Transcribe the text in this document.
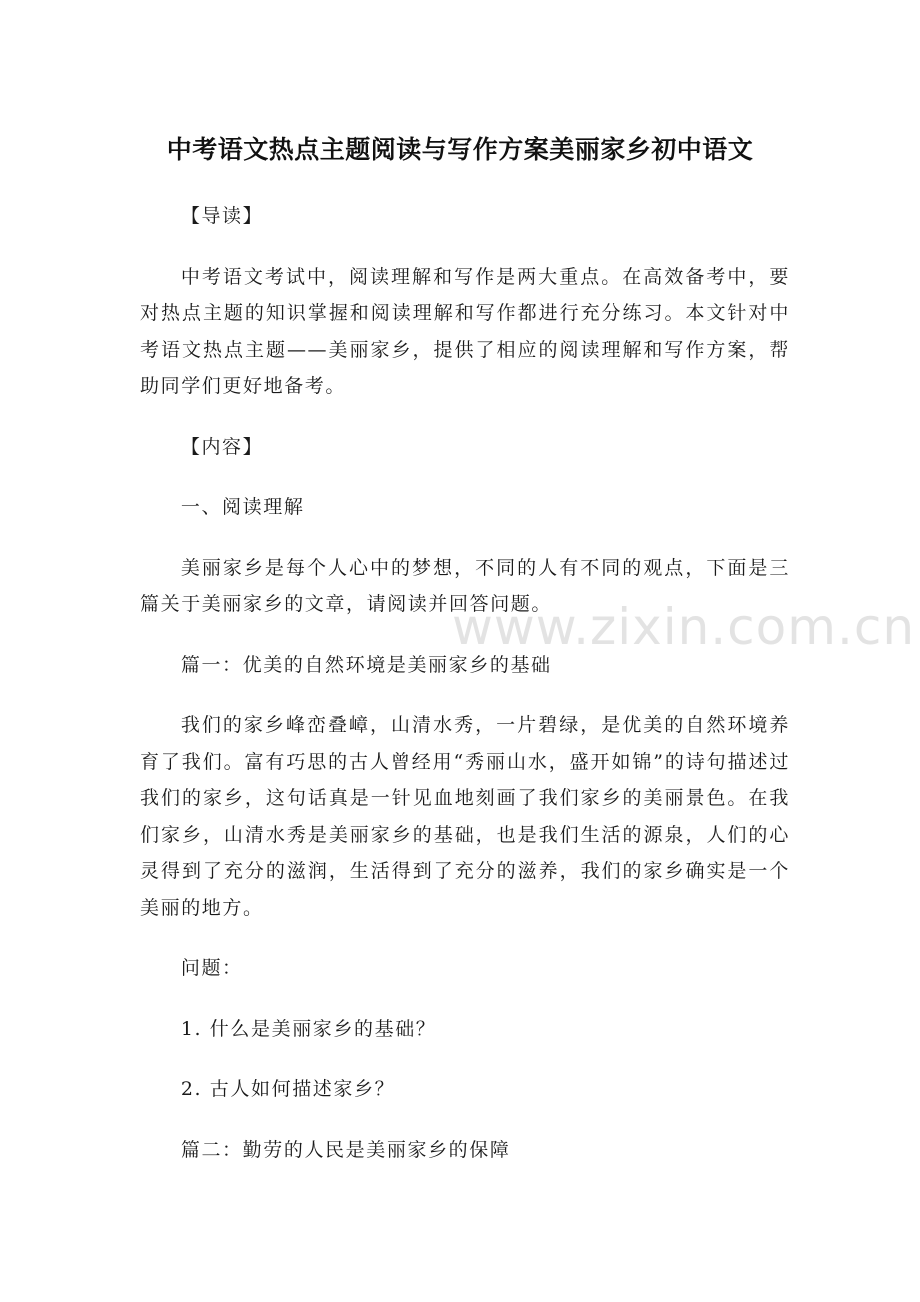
www.zixin.com.cn
中考语文热点主题阅读与写作方案美丽家乡初中语文

【导读】

中考语文考试中，阅读理解和写作是两大重点。在高效备考中，要对热点主题的知识掌握和阅读理解和写作都进行充分练习。本文针对中考语文热点主题——美丽家乡，提供了相应的阅读理解和写作方案，帮助同学们更好地备考。

【内容】

一、阅读理解

美丽家乡是每个人心中的梦想，不同的人有不同的观点，下面是三篇关于美丽家乡的文章，请阅读并回答问题。

篇一：优美的自然环境是美丽家乡的基础

我们的家乡峰峦叠嶂，山清水秀，一片碧绿，是优美的自然环境养育了我们。富有巧思的古人曾经用“秀丽山水，盛开如锦”的诗句描述过我们的家乡，这句话真是一针见血地刻画了我们家乡的美丽景色。在我们家乡，山清水秀是美丽家乡的基础，也是我们生活的源泉，人们的心灵得到了充分的滋润，生活得到了充分的滋养，我们的家乡确实是一个美丽的地方。

问题：

1. 什么是美丽家乡的基础？

2. 古人如何描述家乡？

篇二：勤劳的人民是美丽家乡的保障
